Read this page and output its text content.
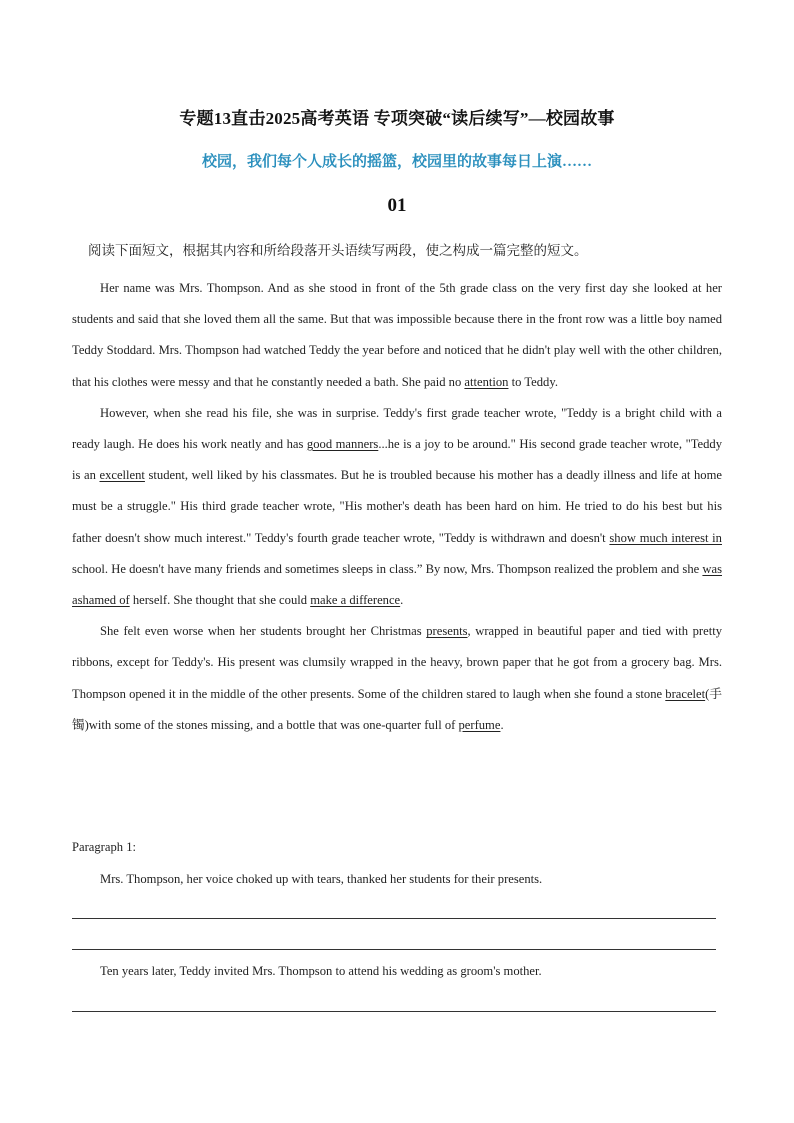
专题13直击2025高考英语 专项突破“读后续写”—校园故事
校园，我们每个人成长的摇篮，校园里的故事每日上演……
01
阅读下面短文，根据其内容和所给段落开头语续写两段，使之构成一篇完整的短文。

Her name was Mrs. Thompson. And as she stood in front of the 5th grade class on the very first day she looked at her students and said that she loved them all the same. But that was impossible because there in the front row was a little boy named Teddy Stoddard. Mrs. Thompson had watched Teddy the year before and noticed that he didn't play well with the other children, that his clothes were messy and that he constantly needed a bath. She paid no attention to Teddy.

However, when she read his file, she was in surprise. Teddy's first grade teacher wrote, "Teddy is a bright child with a ready laugh. He does his work neatly and has good manners...he is a joy to be around." His second grade teacher wrote, "Teddy is an excellent student, well liked by his classmates. But he is troubled because his mother has a deadly illness and life at home must be a struggle." His third grade teacher wrote, "His mother's death has been hard on him. He tried to do his best but his father doesn't show much interest." Teddy's fourth grade teacher wrote, "Teddy is withdrawn and doesn't show much interest in school. He doesn't have many friends and sometimes sleeps in class.” By now, Mrs. Thompson realized the problem and she was ashamed of herself. She thought that she could make a difference.

She felt even worse when her students brought her Christmas presents, wrapped in beautiful paper and tied with pretty ribbons, except for Teddy's. His present was clumsily wrapped in the heavy, brown paper that he got from a grocery bag. Mrs. Thompson opened it in the middle of the other presents. Some of the children stared to laugh when she found a stone bracelet(手镯)with some of the stones missing, and a bottle that was one-quarter full of perfume.

Paragraph 1:
Mrs. Thompson, her voice choked up with tears, thanked her students for their presents.
Ten years later, Teddy invited Mrs. Thompson to attend his wedding as groom's mother.
